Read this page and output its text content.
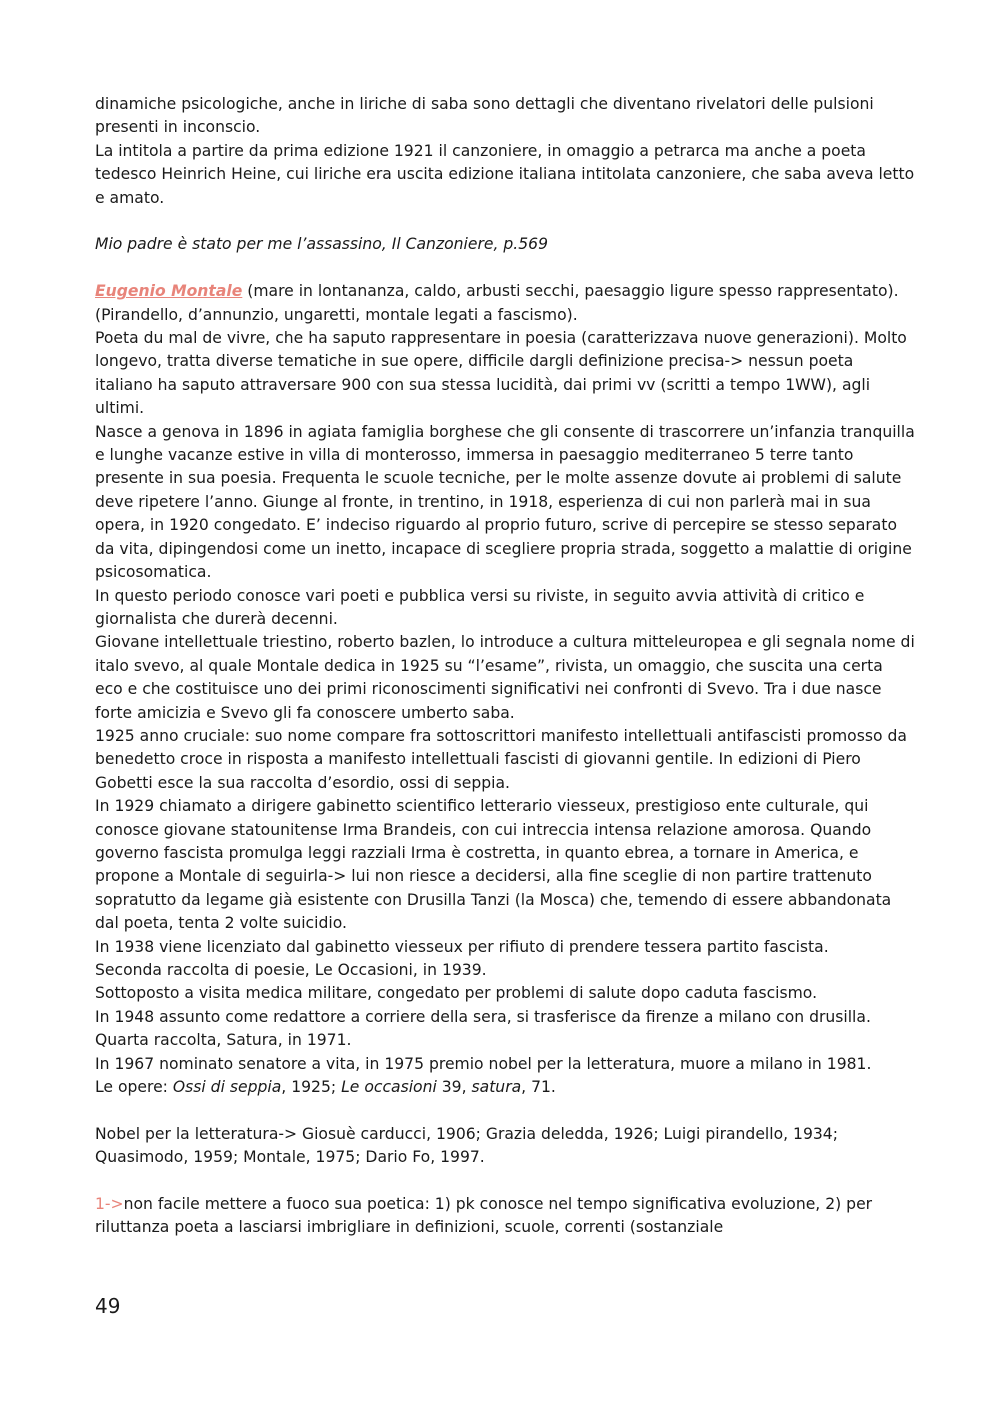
dinamiche psicologiche, anche in liriche di saba sono dettagli che diventano rivelatori delle pulsioni presenti in inconscio.

La intitola a partire da prima edizione 1921 il canzoniere, in omaggio a petrarca ma anche a poeta tedesco Heinrich Heine, cui liriche era uscita edizione italiana intitolata canzoniere, che saba aveva letto e amato.

Mio padre è stato per me l’assassino, Il Canzoniere, p.569

Eugenio Montale (mare in lontananza, caldo, arbusti secchi, paesaggio ligure spesso rappresentato).

(Pirandello, d’annunzio, ungaretti, montale legati a fascismo).

Poeta du mal de vivre, che ha saputo rappresentare in poesia (caratterizzava nuove generazioni). Molto longevo, tratta diverse tematiche in sue opere, difficile dargli definizione precisa-> nessun poeta italiano ha saputo attraversare 900 con sua stessa lucidità, dai primi vv (scritti a tempo 1WW), agli ultimi.

Nasce a genova in 1896 in agiata famiglia borghese che gli consente di trascorrere un’infanzia tranquilla e lunghe vacanze estive in villa di monterosso, immersa in paesaggio mediterraneo 5 terre tanto presente in sua poesia. Frequenta le scuole tecniche, per le molte assenze dovute ai problemi di salute deve ripetere l’anno. Giunge al fronte, in trentino, in 1918, esperienza di cui non parlerà mai in sua opera, in 1920 congedato. E’ indeciso riguardo al proprio futuro, scrive di percepire se stesso separato da vita, dipingendosi come un inetto, incapace di scegliere propria strada, soggetto a malattie di origine psicosomatica.

In questo periodo conosce vari poeti e pubblica versi su riviste, in seguito avvia attività di critico e giornalista che durerà decenni.

Giovane intellettuale triestino, roberto bazlen, lo introduce a cultura mitteleuropea e gli segnala nome di italo svevo, al quale Montale dedica in 1925 su “l’esame”, rivista, un omaggio, che suscita una certa eco e che costituisce uno dei primi riconoscimenti significativi nei confronti di Svevo. Tra i due nasce forte amicizia e Svevo gli fa conoscere umberto saba.

1925 anno cruciale: suo nome compare fra sottoscrittori manifesto intellettuali antifascisti promosso da benedetto croce in risposta a manifesto intellettuali fascisti di giovanni gentile. In edizioni di Piero Gobetti esce la sua raccolta d’esordio, ossi di seppia.

In 1929 chiamato a dirigere gabinetto scientifico letterario viesseux, prestigioso ente culturale, qui conosce giovane statounitense Irma Brandeis, con cui intreccia intensa relazione amorosa. Quando governo fascista promulga leggi razziali Irma è costretta, in quanto ebrea, a tornare in America, e propone a Montale di seguirla-> lui non riesce a decidersi, alla fine sceglie di non partire trattenuto sopratutto da legame già esistente con Drusilla Tanzi (la Mosca) che, temendo di essere abbandonata dal poeta, tenta 2 volte suicidio.

In 1938 viene licenziato dal gabinetto viesseux per rifiuto di prendere tessera partito fascista.

Seconda raccolta di poesie, Le Occasioni, in 1939.

Sottoposto a visita medica militare, congedato per problemi di salute dopo caduta fascismo.

In 1948 assunto come redattore a corriere della sera, si trasferisce da firenze a milano con drusilla. Quarta raccolta, Satura, in 1971.

In 1967 nominato senatore a vita, in 1975 premio nobel per la letteratura, muore a milano in 1981.

Le opere: Ossi di seppia, 1925; Le occasioni 39, satura, 71.

Nobel per la letteratura-> Giosuè carducci, 1906; Grazia deledda, 1926; Luigi pirandello, 1934; Quasimodo, 1959; Montale, 1975; Dario Fo, 1997.

1->non facile mettere a fuoco sua poetica: 1) pk conosce nel tempo significativa evoluzione, 2) per riluttanza poeta a lasciarsi imbrigliare in definizioni, scuole, correnti (sostanziale

49
